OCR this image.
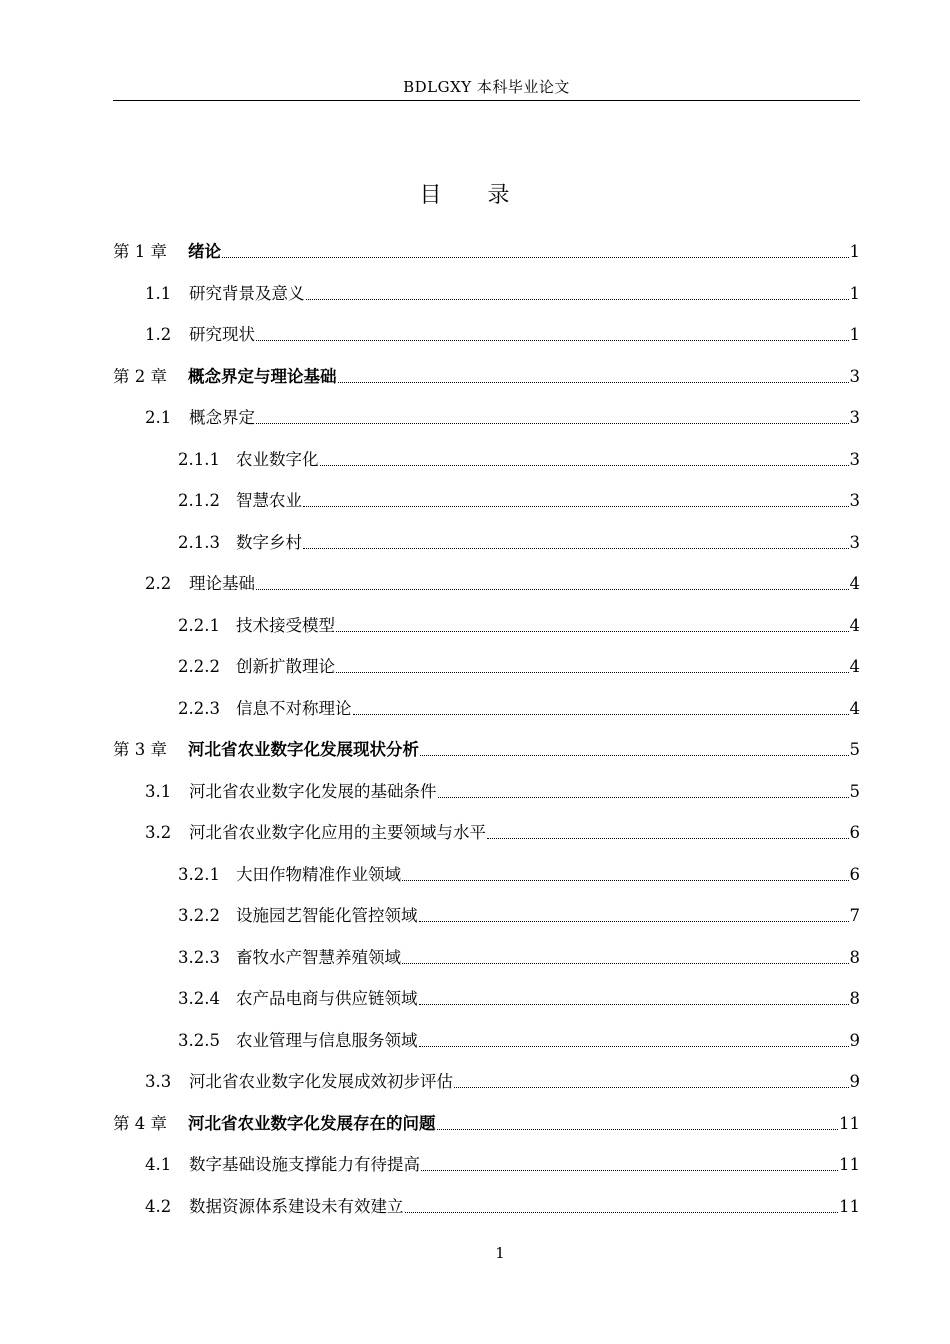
BDLGXY 本科毕业论文
目录
第 1 章	绪论	1
1.1	研究背景及意义	1
1.2	研究现状	1
第 2 章	概念界定与理论基础	3
2.1	概念界定	3
2.1.1 农业数字化	3
2.1.2 智慧农业	3
2.1.3 数字乡村	3
2.2	理论基础	4
2.2.1 技术接受模型	4
2.2.2 创新扩散理论	4
2.2.3 信息不对称理论	4
第 3 章	河北省农业数字化发展现状分析	5
3.1	河北省农业数字化发展的基础条件	5
3.2	河北省农业数字化应用的主要领域与水平	6
3.2.1 大田作物精准作业领域	6
3.2.2 设施园艺智能化管控领域	7
3.2.3 畜牧水产智慧养殖领域	8
3.2.4 农产品电商与供应链领域	8
3.2.5 农业管理与信息服务领域	9
3.3	河北省农业数字化发展成效初步评估	9
第 4 章	河北省农业数字化发展存在的问题	11
4.1	数字基础设施支撑能力有待提高	11
4.2	数据资源体系建设未有效建立	11
1
